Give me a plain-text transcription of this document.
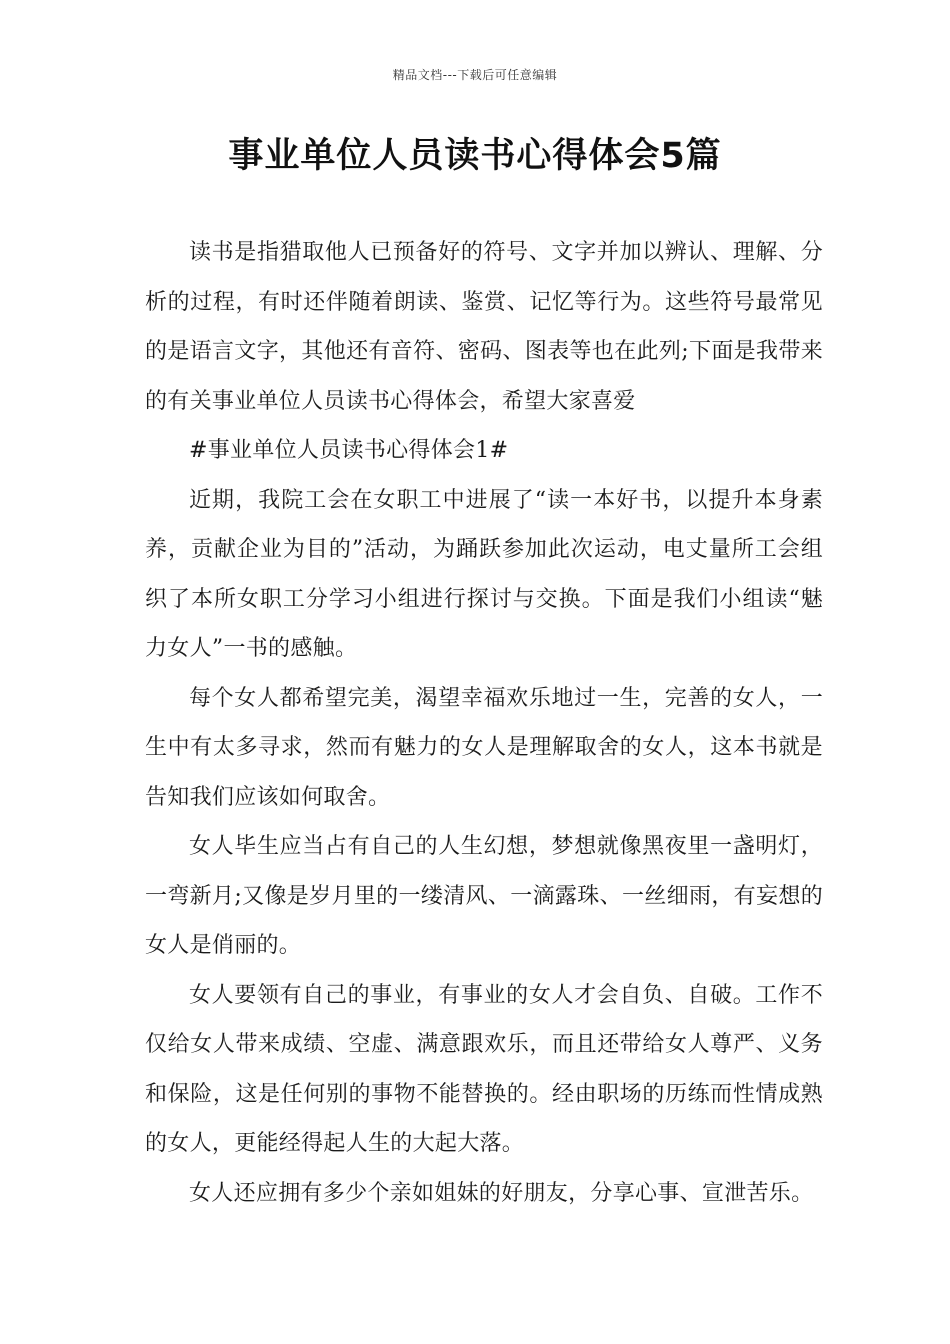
精品文档---下载后可任意编辑
事业单位人员读书心得体会5篇

读书是指猎取他人已预备好的符号、文字并加以辨认、理解、分析的过程，有时还伴随着朗读、鉴赏、记忆等行为。这些符号最常见的是语言文字，其他还有音符、密码、图表等也在此列;下面是我带来的有关事业单位人员读书心得体会，希望大家喜爱

#事业单位人员读书心得体会1#

近期，我院工会在女职工中进展了“读一本好书，以提升本身素养，贡献企业为目的”活动，为踊跃参加此次运动，电丈量所工会组织了本所女职工分学习小组进行探讨与交换。下面是我们小组读“魅力女人”一书的感触。

每个女人都希望完美，渴望幸福欢乐地过一生，完善的女人，一生中有太多寻求，然而有魅力的女人是理解取舍的女人，这本书就是告知我们应该如何取舍。

女人毕生应当占有自己的人生幻想，梦想就像黑夜里一盏明灯，一弯新月;又像是岁月里的一缕清风、一滴露珠、一丝细雨，有妄想的女人是俏丽的。

女人要领有自己的事业，有事业的女人才会自负、自破。工作不仅给女人带来成绩、空虚、满意跟欢乐，而且还带给女人尊严、义务和保险，这是任何别的事物不能替换的。经由职场的历练而性情成熟的女人，更能经得起人生的大起大落。

女人还应拥有多少个亲如姐妹的好朋友，分享心事、宣泄苦乐。
